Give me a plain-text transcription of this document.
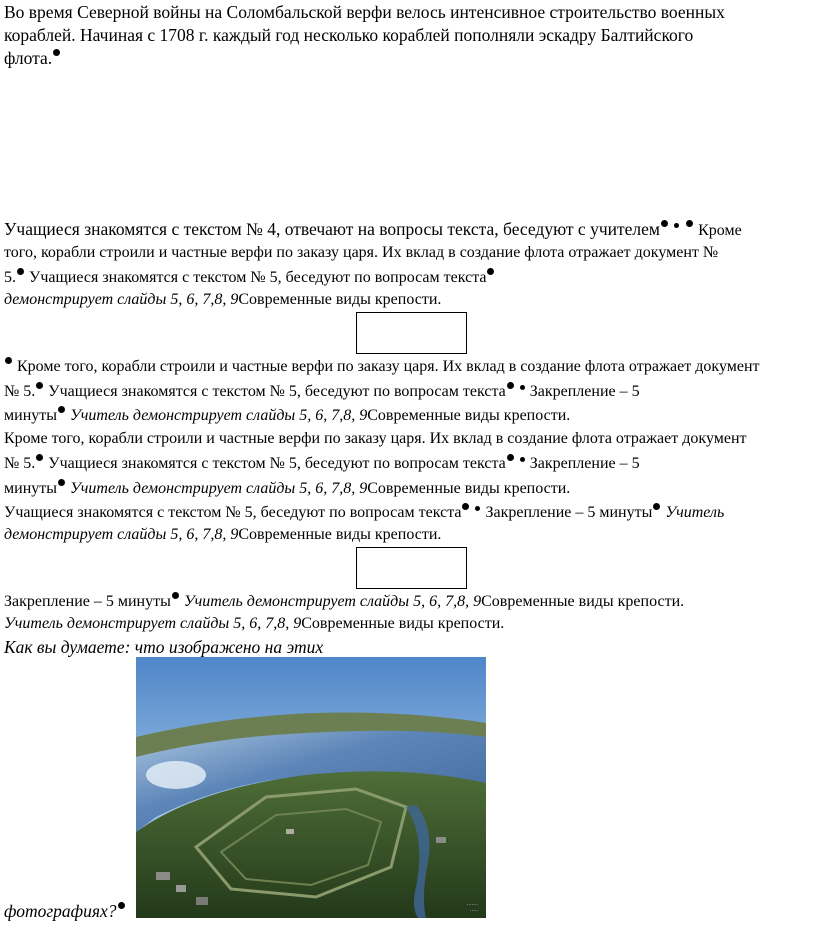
Во время Северной войны на Соломбальской верфи велось интенсивное строительство военных
кораблей. Начиная с 1708 г. каждый год несколько кораблей пополняли эскадру Балтийского
флота.
Учащиеся знакомятся с текстом № 4, отвечают на вопросы текста, беседуют с учителем Кроме
того, корабли строили и частные верфи по заказу царя. Их вклад в создание флота отражает документ №
5. Учащиеся знакомятся с текстом № 5, беседуют по вопросам текста
демонстрирует слайды 5, 6, 7,8, 9Современные виды крепости.
Кроме того, корабли строили и частные верфи по заказу царя. Их вклад в создание флота отражает документ
№ 5. Учащиеся знакомятся с текстом № 5, беседуют по вопросам текста Закрепление – 5
минуты Учитель демонстрирует слайды 5, 6, 7,8, 9Современные виды крепости.
Кроме того, корабли строили и частные верфи по заказу царя. Их вклад в создание флота отражает документ
№ 5. Учащиеся знакомятся с текстом № 5, беседуют по вопросам текста Закрепление – 5
минуты Учитель демонстрирует слайды 5, 6, 7,8, 9Современные виды крепости.
Учащиеся знакомятся с текстом № 5, беседуют по вопросам текста Закрепление – 5 минуты Учитель
демонстрирует слайды 5, 6, 7,8, 9Современные виды крепости.
Закрепление – 5 минуты Учитель демонстрирует слайды 5, 6, 7,8, 9Современные виды крепости.
Учитель демонстрирует слайды 5, 6, 7,8, 9Современные виды крепости.
Как вы думаете: что изображено на этих
·······
·····
фотографиях?
